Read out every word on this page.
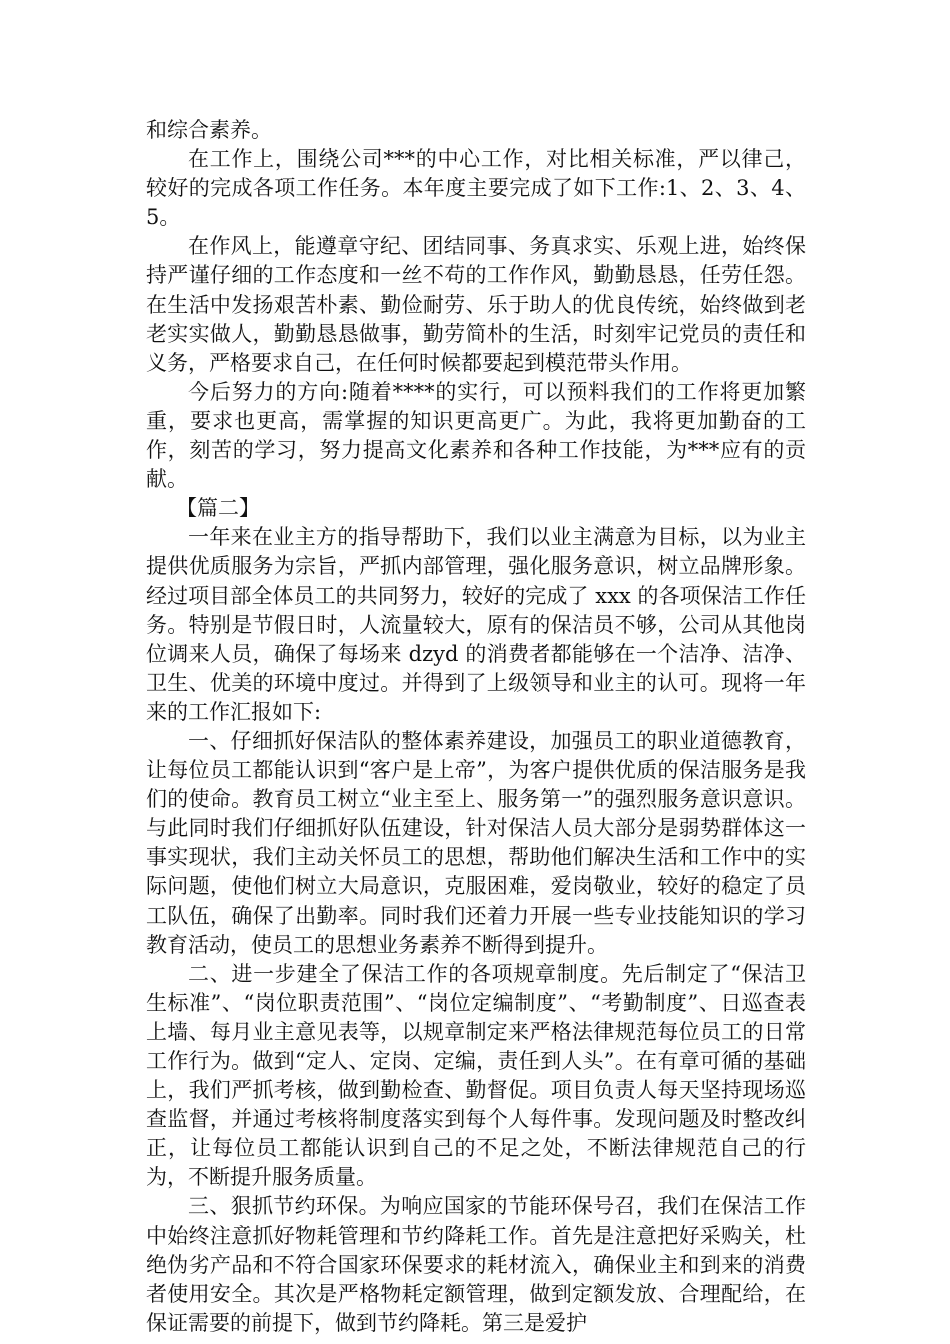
和综合素养。

在工作上，围绕公司***的中心工作，对比相关标准，严以律己，较好的完成各项工作任务。本年度主要完成了如下工作:1、2、3、4、5。

在作风上，能遵章守纪、团结同事、务真求实、乐观上进，始终保持严谨仔细的工作态度和一丝不苟的工作作风，勤勤恳恳，任劳任怨。在生活中发扬艰苦朴素、勤俭耐劳、乐于助人的优良传统，始终做到老老实实做人，勤勤恳恳做事，勤劳简朴的生活，时刻牢记党员的责任和义务，严格要求自己，在任何时候都要起到模范带头作用。

今后努力的方向:随着****的实行，可以预料我们的工作将更加繁重，要求也更高，需掌握的知识更高更广。为此，我将更加勤奋的工作，刻苦的学习，努力提高文化素养和各种工作技能，为***应有的贡献。

【篇二】

一年来在业主方的指导帮助下，我们以业主满意为目标，以为业主提供优质服务为宗旨，严抓内部管理，强化服务意识，树立品牌形象。经过项目部全体员工的共同努力，较好的完成了 xxx 的各项保洁工作任务。特别是节假日时，人流量较大，原有的保洁员不够，公司从其他岗位调来人员，确保了每场来 dzyd 的消费者都能够在一个洁净、洁净、卫生、优美的环境中度过。并得到了上级领导和业主的认可。现将一年来的工作汇报如下:

一、仔细抓好保洁队的整体素养建设，加强员工的职业道德教育，让每位员工都能认识到“客户是上帝”，为客户提供优质的保洁服务是我们的使命。教育员工树立“业主至上、服务第一”的强烈服务意识意识。与此同时我们仔细抓好队伍建设，针对保洁人员大部分是弱势群体这一事实现状，我们主动关怀员工的思想，帮助他们解决生活和工作中的实际问题，使他们树立大局意识，克服困难，爱岗敬业，较好的稳定了员工队伍，确保了出勤率。同时我们还着力开展一些专业技能知识的学习教育活动，使员工的思想业务素养不断得到提升。

二、进一步建全了保洁工作的各项规章制度。先后制定了“保洁卫生标准”、“岗位职责范围”、“岗位定编制度”、“考勤制度”、日巡查表上墙、每月业主意见表等，以规章制定来严格法律规范每位员工的日常工作行为。做到“定人、定岗、定编，责任到人头”。在有章可循的基础上，我们严抓考核，做到勤检查、勤督促。项目负责人每天坚持现场巡查监督，并通过考核将制度落实到每个人每件事。发现问题及时整改纠正，让每位员工都能认识到自己的不足之处，不断法律规范自己的行为，不断提升服务质量。

三、狠抓节约环保。为响应国家的节能环保号召，我们在保洁工作中始终注意抓好物耗管理和节约降耗工作。首先是注意把好采购关，杜绝伪劣产品和不符合国家环保要求的耗材流入，确保业主和到来的消费者使用安全。其次是严格物耗定额管理，做到定额发放、合理配给，在保证需要的前提下，做到节约降耗。第三是爱护
